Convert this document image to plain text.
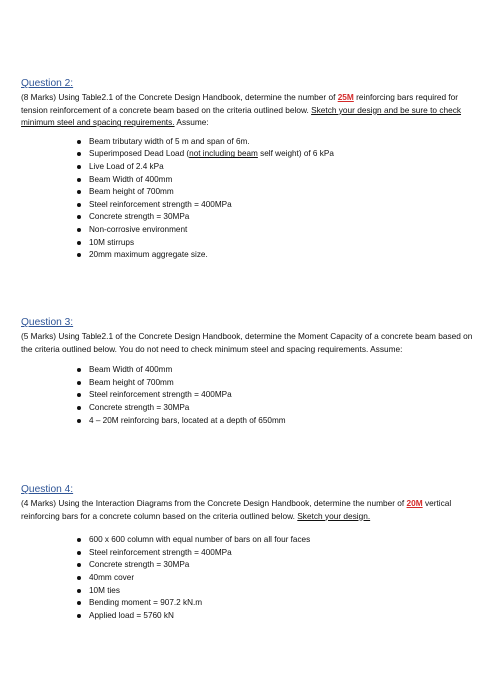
Question 2:

(8 Marks) Using Table2.1 of the Concrete Design Handbook, determine the number of 25M reinforcing bars required for tension reinforcement of a concrete beam based on the criteria outlined below. Sketch your design and be sure to check minimum steel and spacing requirements. Assume:

Beam tributary width of 5 m and span of 6m.
Superimposed Dead Load (not including beam self weight) of 6 kPa
Live Load of 2.4 kPa
Beam Width of 400mm
Beam height of 700mm
Steel reinforcement strength = 400MPa
Concrete strength = 30MPa
Non-corrosive environment
10M stirrups
20mm maximum aggregate size.

Question 3:

(5 Marks) Using Table2.1 of the Concrete Design Handbook, determine the Moment Capacity of a concrete beam based on the criteria outlined below. You do not need to check minimum steel and spacing requirements. Assume:

Beam Width of 400mm
Beam height of 700mm
Steel reinforcement strength = 400MPa
Concrete strength = 30MPa
4 – 20M reinforcing bars, located at a depth of 650mm

Question 4:

(4 Marks) Using the Interaction Diagrams from the Concrete Design Handbook, determine the number of 20M vertical reinforcing bars for a concrete column based on the criteria outlined below. Sketch your design.

600 x 600 column with equal number of bars on all four faces
Steel reinforcement strength = 400MPa
Concrete strength = 30MPa
40mm cover
10M ties
Bending moment = 907.2 kN.m
Applied load = 5760 kN
